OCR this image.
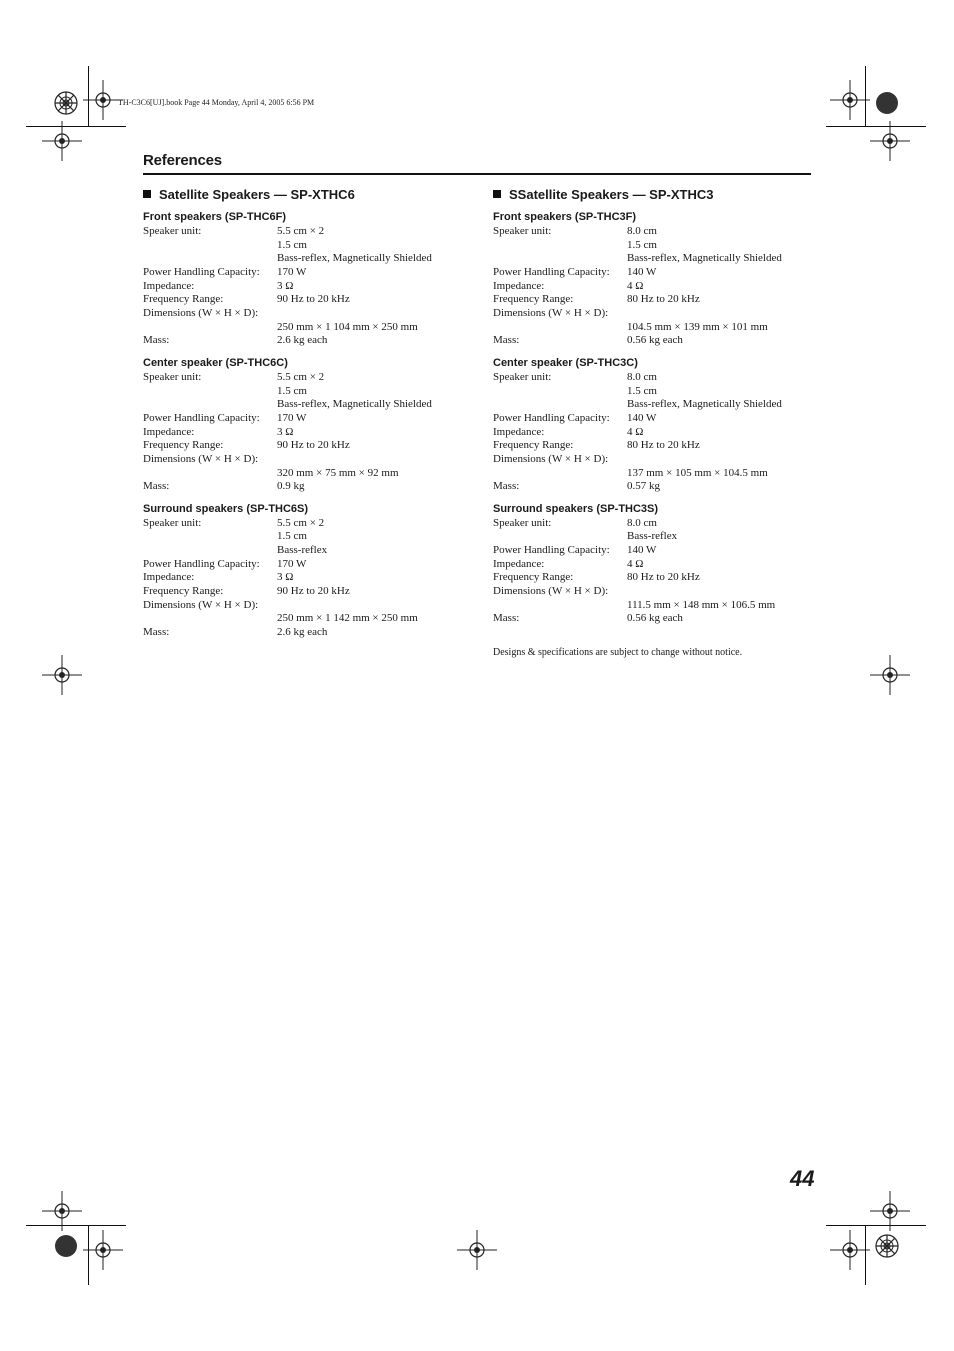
TH-C3C6[UJ].book Page 44 Monday, April 4, 2005 6:56 PM
References
Satellite Speakers — SP-XTHC6
Front speakers (SP-THC6F)
Speaker unit:	5.5 cm × 2
1.5 cm
Bass-reflex, Magnetically Shielded
Power Handling Capacity:	170 W
Impedance:	3 Ω
Frequency Range:	90 Hz to 20 kHz
Dimensions (W × H × D):
250 mm × 1 104 mm × 250 mm
Mass:	2.6 kg each
Center speaker (SP-THC6C)
Speaker unit:	5.5 cm × 2
1.5 cm
Bass-reflex, Magnetically Shielded
Power Handling Capacity:	170 W
Impedance:	3 Ω
Frequency Range:	90 Hz to 20 kHz
Dimensions (W × H × D):
320 mm × 75 mm × 92 mm
Mass:	0.9 kg
Surround speakers (SP-THC6S)
Speaker unit:	5.5 cm × 2
1.5 cm
Bass-reflex
Power Handling Capacity:	170 W
Impedance:	3 Ω
Frequency Range:	90 Hz to 20 kHz
Dimensions (W × H × D):
250 mm × 1 142 mm × 250 mm
Mass:	2.6 kg each
SSatellite Speakers — SP-XTHC3
Front speakers (SP-THC3F)
Speaker unit:	8.0 cm
1.5 cm
Bass-reflex, Magnetically Shielded
Power Handling Capacity:	140 W
Impedance:	4 Ω
Frequency Range:	80 Hz to 20 kHz
Dimensions (W × H × D):
104.5 mm × 139 mm × 101 mm
Mass:	0.56 kg each
Center speaker (SP-THC3C)
Speaker unit:	8.0 cm
1.5 cm
Bass-reflex, Magnetically Shielded
Power Handling Capacity:	140 W
Impedance:	4 Ω
Frequency Range:	80 Hz to 20 kHz
Dimensions (W × H × D):
137 mm × 105 mm × 104.5 mm
Mass:	0.57 kg
Surround speakers (SP-THC3S)
Speaker unit:	8.0 cm
Bass-reflex
Power Handling Capacity:	140 W
Impedance:	4 Ω
Frequency Range:	80 Hz to 20 kHz
Dimensions (W × H × D):
111.5 mm × 148 mm × 106.5 mm
Mass:	0.56 kg each
Designs & specifications are subject to change without notice.
44
